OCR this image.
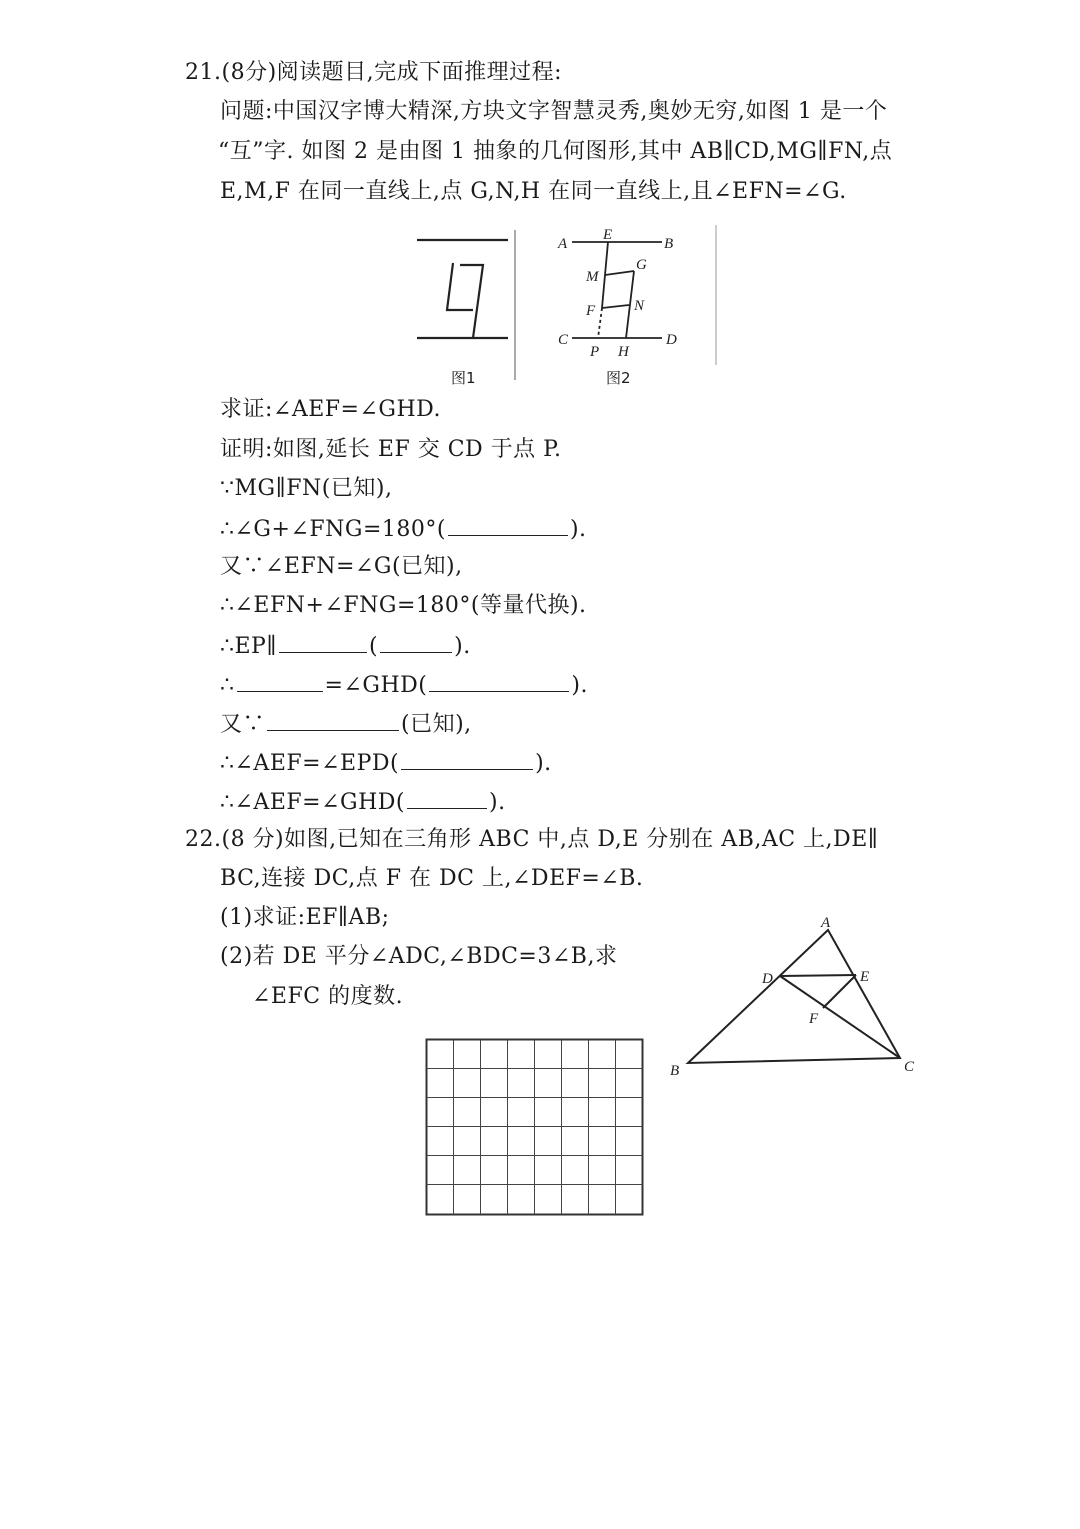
21.(8分)阅读题目,完成下面推理过程:
问题:中国汉字博大精深,方块文字智慧灵秀,奥妙无穷,如图 1 是一个
“互”字. 如图 2 是由图 1 抽象的几何图形,其中 AB∥CD,MG∥FN,点
E,M,F 在同一直线上,点 G,N,H 在同一直线上,且∠EFN=∠G.
图1
A
E
B
M
G
F	N
C
P H
D
图2
求证:∠AEF=∠GHD.
证明:如图,延长 EF 交 CD 于点 P.
∵MG∥FN(已知),
∴∠G+∠FNG=180°(	).
又∵∠EFN=∠G(已知),
∴∠EFN+∠FNG=180°(等量代换).
∴EP∥	(	).
∴	=∠GHD(	).
又∵	(已知),
∴∠AEF=∠EPD(	).
∴∠AEF=∠GHD(	).
22.(8 分)如图,已知在三角形 ABC 中,点 D,E 分别在 AB,AC 上,DE∥
BC,连接 DC,点 F 在 DC 上,∠DEF=∠B.
(1)求证:EF∥AB;
(2)若 DE 平分∠ADC,∠BDC=3∠B,求
∠EFC 的度数.
A
B	C
D	E
F
